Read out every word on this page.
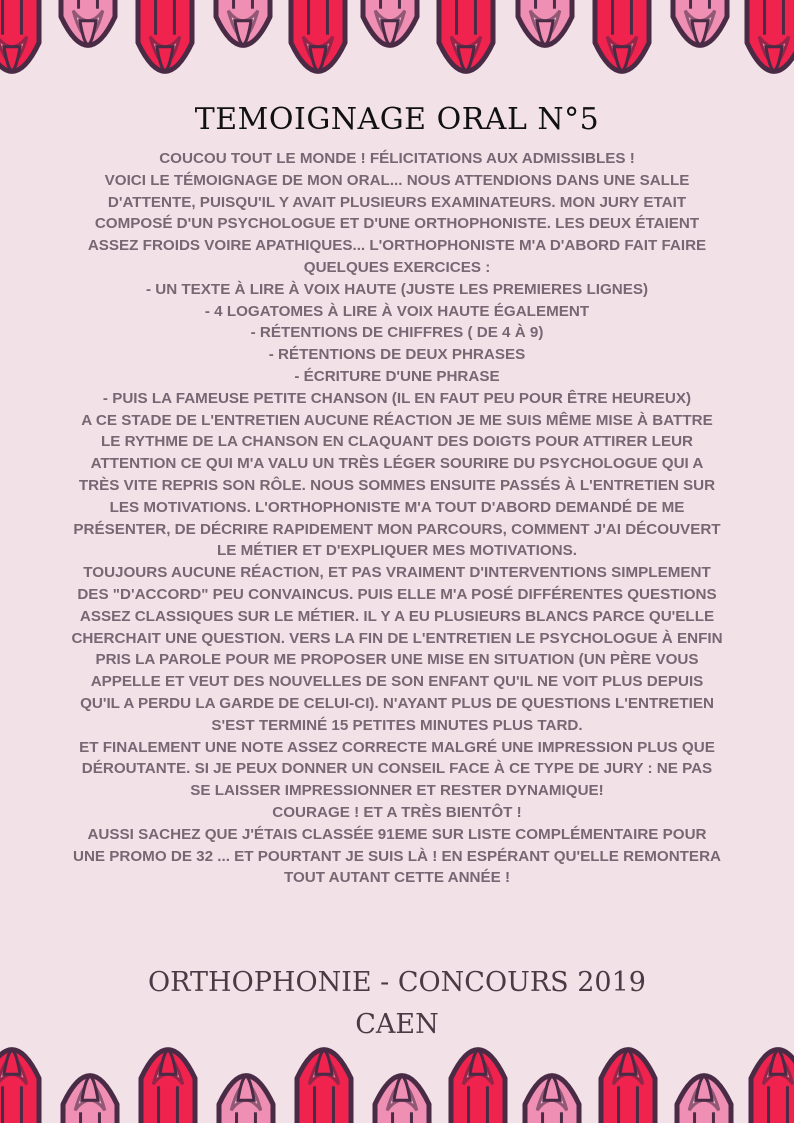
TEMOIGNAGE ORAL N°5

COUCOU TOUT LE MONDE ! FÉLICITATIONS AUX ADMISSIBLES !

VOICI LE TÉMOIGNAGE DE MON ORAL... NOUS ATTENDIONS DANS UNE SALLE D'ATTENTE, PUISQU'IL Y AVAIT PLUSIEURS EXAMINATEURS. MON JURY ETAIT COMPOSÉ D'UN PSYCHOLOGUE ET D'UNE ORTHOPHONISTE. LES DEUX ÉTAIENT ASSEZ FROIDS VOIRE APATHIQUES... L'ORTHOPHONISTE M'A D'ABORD FAIT FAIRE QUELQUES EXERCICES :

- UN TEXTE À LIRE À VOIX HAUTE (JUSTE LES PREMIERES LIGNES)

- 4 LOGATOMES À LIRE À VOIX HAUTE ÉGALEMENT

- RÉTENTIONS DE CHIFFRES ( DE 4 À 9)

- RÉTENTIONS DE DEUX PHRASES

- ÉCRITURE D'UNE PHRASE

- PUIS LA FAMEUSE PETITE CHANSON (IL EN FAUT PEU POUR ÊTRE HEUREUX)

A CE STADE DE L'ENTRETIEN AUCUNE RÉACTION JE ME SUIS MÊME MISE À BATTRE LE RYTHME DE LA CHANSON EN CLAQUANT DES DOIGTS POUR ATTIRER LEUR ATTENTION CE QUI M'A VALU UN TRÈS LÉGER SOURIRE DU PSYCHOLOGUE QUI A TRÈS VITE REPRIS SON RÔLE. NOUS SOMMES ENSUITE PASSÉS À L'ENTRETIEN SUR LES MOTIVATIONS. L'ORTHOPHONISTE M'A TOUT D'ABORD DEMANDÉ DE ME PRÉSENTER, DE DÉCRIRE RAPIDEMENT MON PARCOURS, COMMENT J'AI DÉCOUVERT LE MÉTIER ET D'EXPLIQUER MES MOTIVATIONS.

TOUJOURS AUCUNE RÉACTION, ET PAS VRAIMENT D'INTERVENTIONS SIMPLEMENT DES "D'ACCORD" PEU CONVAINCUS. PUIS ELLE M'A POSÉ DIFFÉRENTES QUESTIONS ASSEZ CLASSIQUES SUR LE MÉTIER. IL Y A EU PLUSIEURS BLANCS PARCE QU'ELLE CHERCHAIT UNE QUESTION. VERS LA FIN DE L'ENTRETIEN LE PSYCHOLOGUE À ENFIN PRIS LA PAROLE POUR ME PROPOSER UNE MISE EN SITUATION (UN PÈRE VOUS APPELLE ET VEUT DES NOUVELLES DE SON ENFANT QU'IL NE VOIT PLUS DEPUIS QU'IL A PERDU LA GARDE DE CELUI-CI). N'AYANT PLUS DE QUESTIONS L'ENTRETIEN S'EST TERMINÉ 15 PETITES MINUTES PLUS TARD.

ET FINALEMENT UNE NOTE ASSEZ CORRECTE MALGRÉ UNE IMPRESSION PLUS QUE DÉROUTANTE. SI JE PEUX DONNER UN CONSEIL FACE À CE TYPE DE JURY : NE PAS SE LAISSER IMPRESSIONNER ET RESTER DYNAMIQUE!

COURAGE ! ET A TRÈS BIENTÔT !

AUSSI SACHEZ QUE J'ÉTAIS CLASSÉE 91EME SUR LISTE COMPLÉMENTAIRE POUR UNE PROMO DE 32 ... ET POURTANT JE SUIS LÀ ! EN ESPÉRANT QU'ELLE REMONTERA TOUT AUTANT CETTE ANNÉE !

ORTHOPHONIE - CONCOURS 2019
CAEN
